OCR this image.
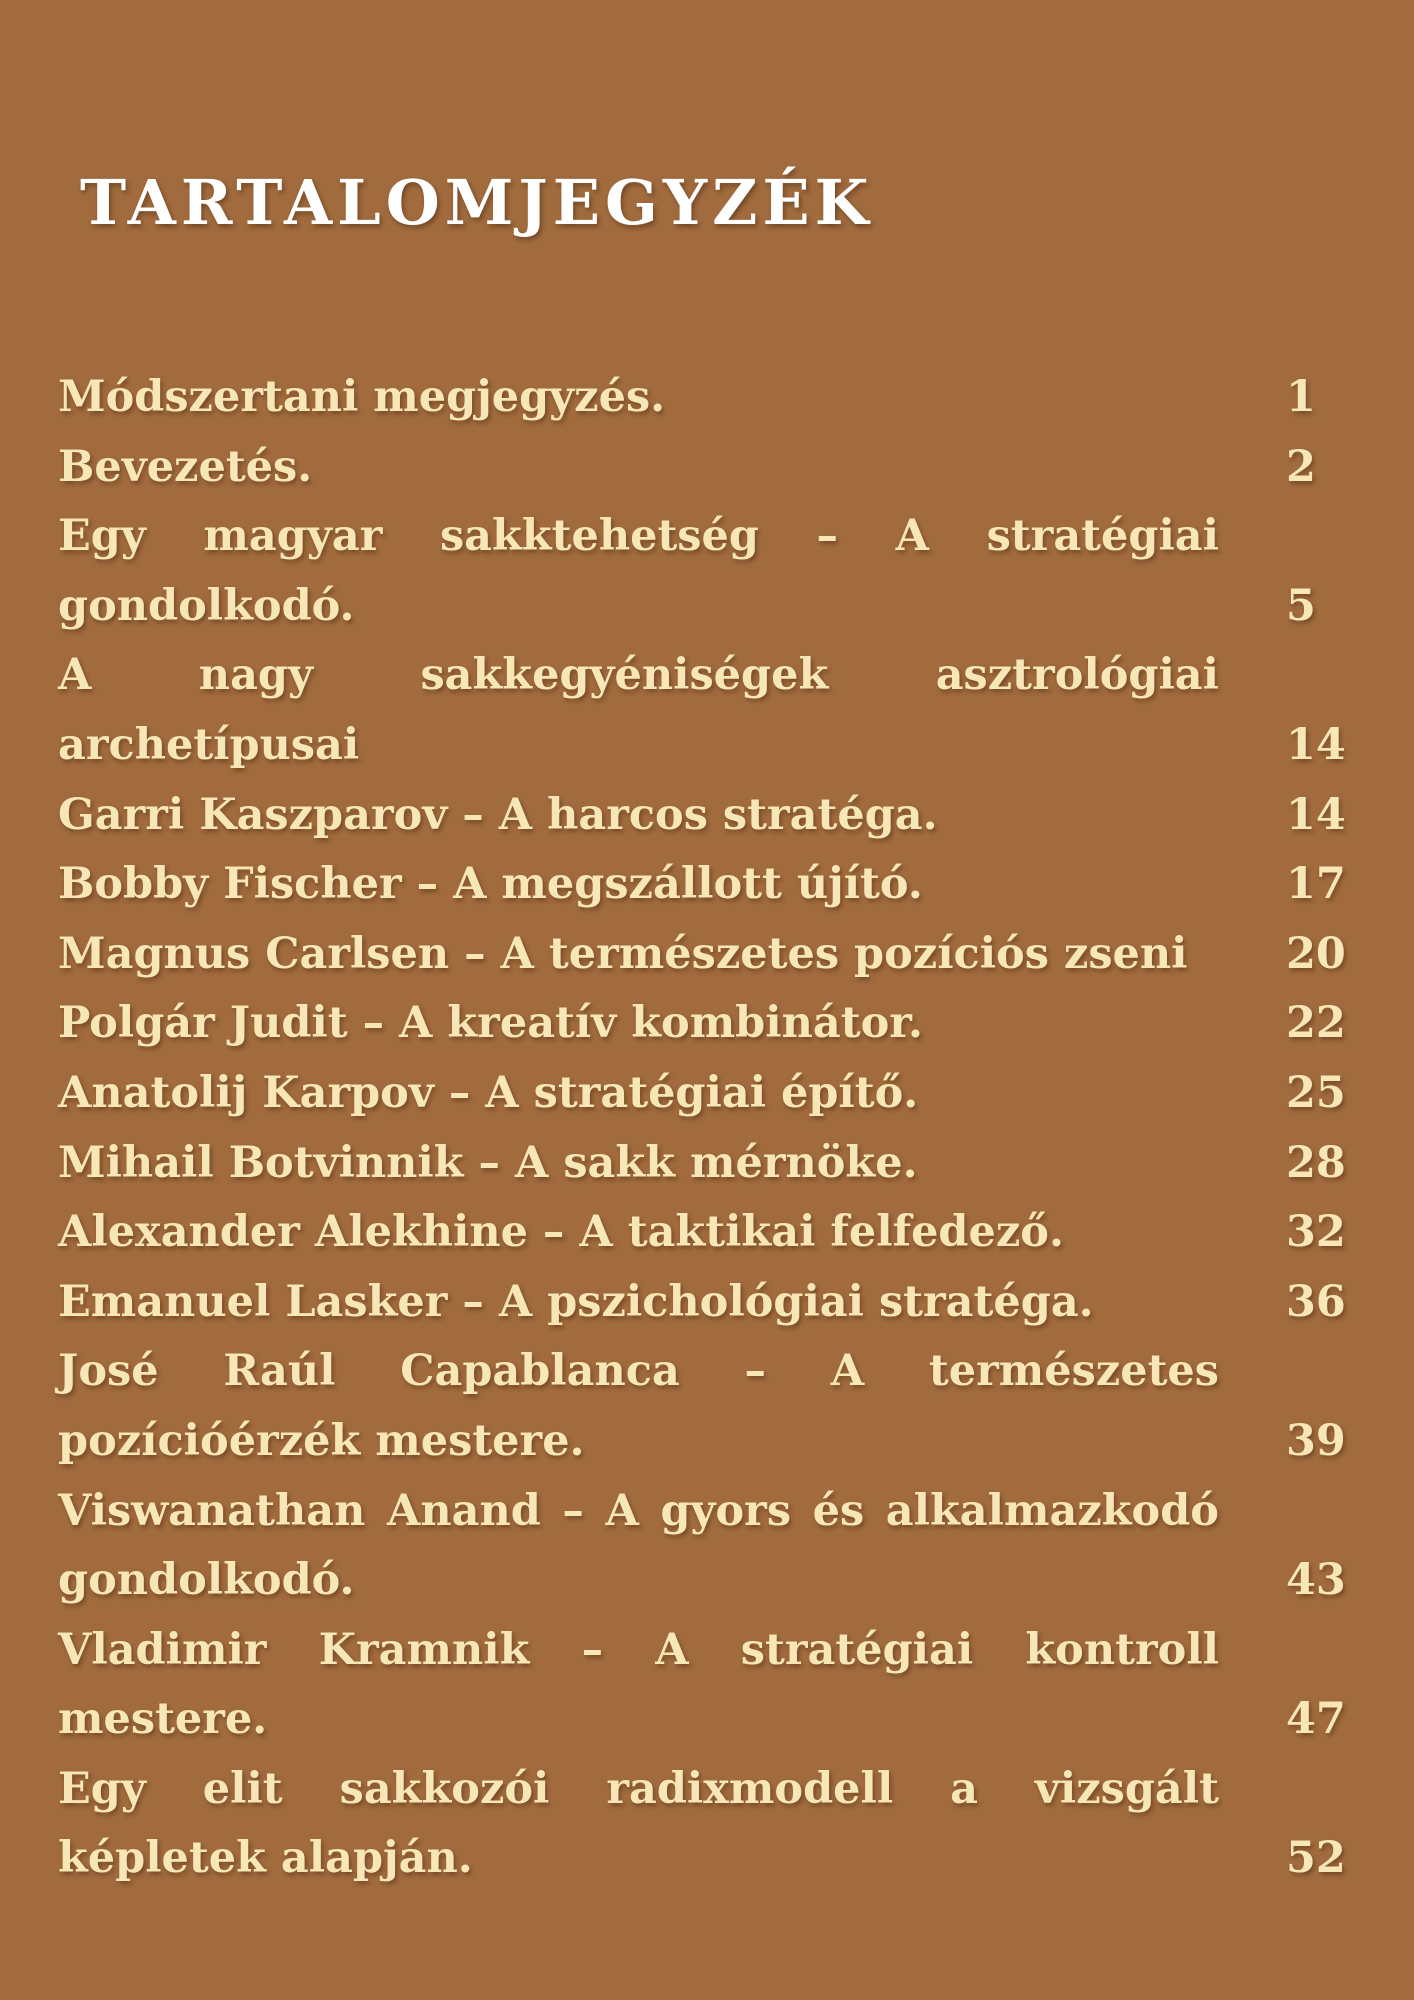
TARTALOMJEGYZÉK
Módszertani megjegyzés.	1
Bevezetés.	2
Egy magyar sakktehetség – A stratégiai gondolkodó.	5
A nagy sakkegyéniségek asztrológiai archetípusai	14
Garri Kaszparov – A harcos stratéga.	14
Bobby Fischer – A megszállott újító.	17
Magnus Carlsen – A természetes pozíciós zseni	20
Polgár Judit – A kreatív kombinátor.	22
Anatolij Karpov – A stratégiai építő.	25
Mihail Botvinnik – A sakk mérnöke.	28
Alexander Alekhine – A taktikai felfedező.	32
Emanuel Lasker – A pszichológiai stratéga.	36
José Raúl Capablanca – A természetes pozícióérzék mestere.	39
Viswanathan Anand – A gyors és alkalmazkodó gondolkodó.	43
Vladimir Kramnik – A stratégiai kontroll mestere.	47
Egy elit sakkozói radixmodell a vizsgált képletek alapján.	52
